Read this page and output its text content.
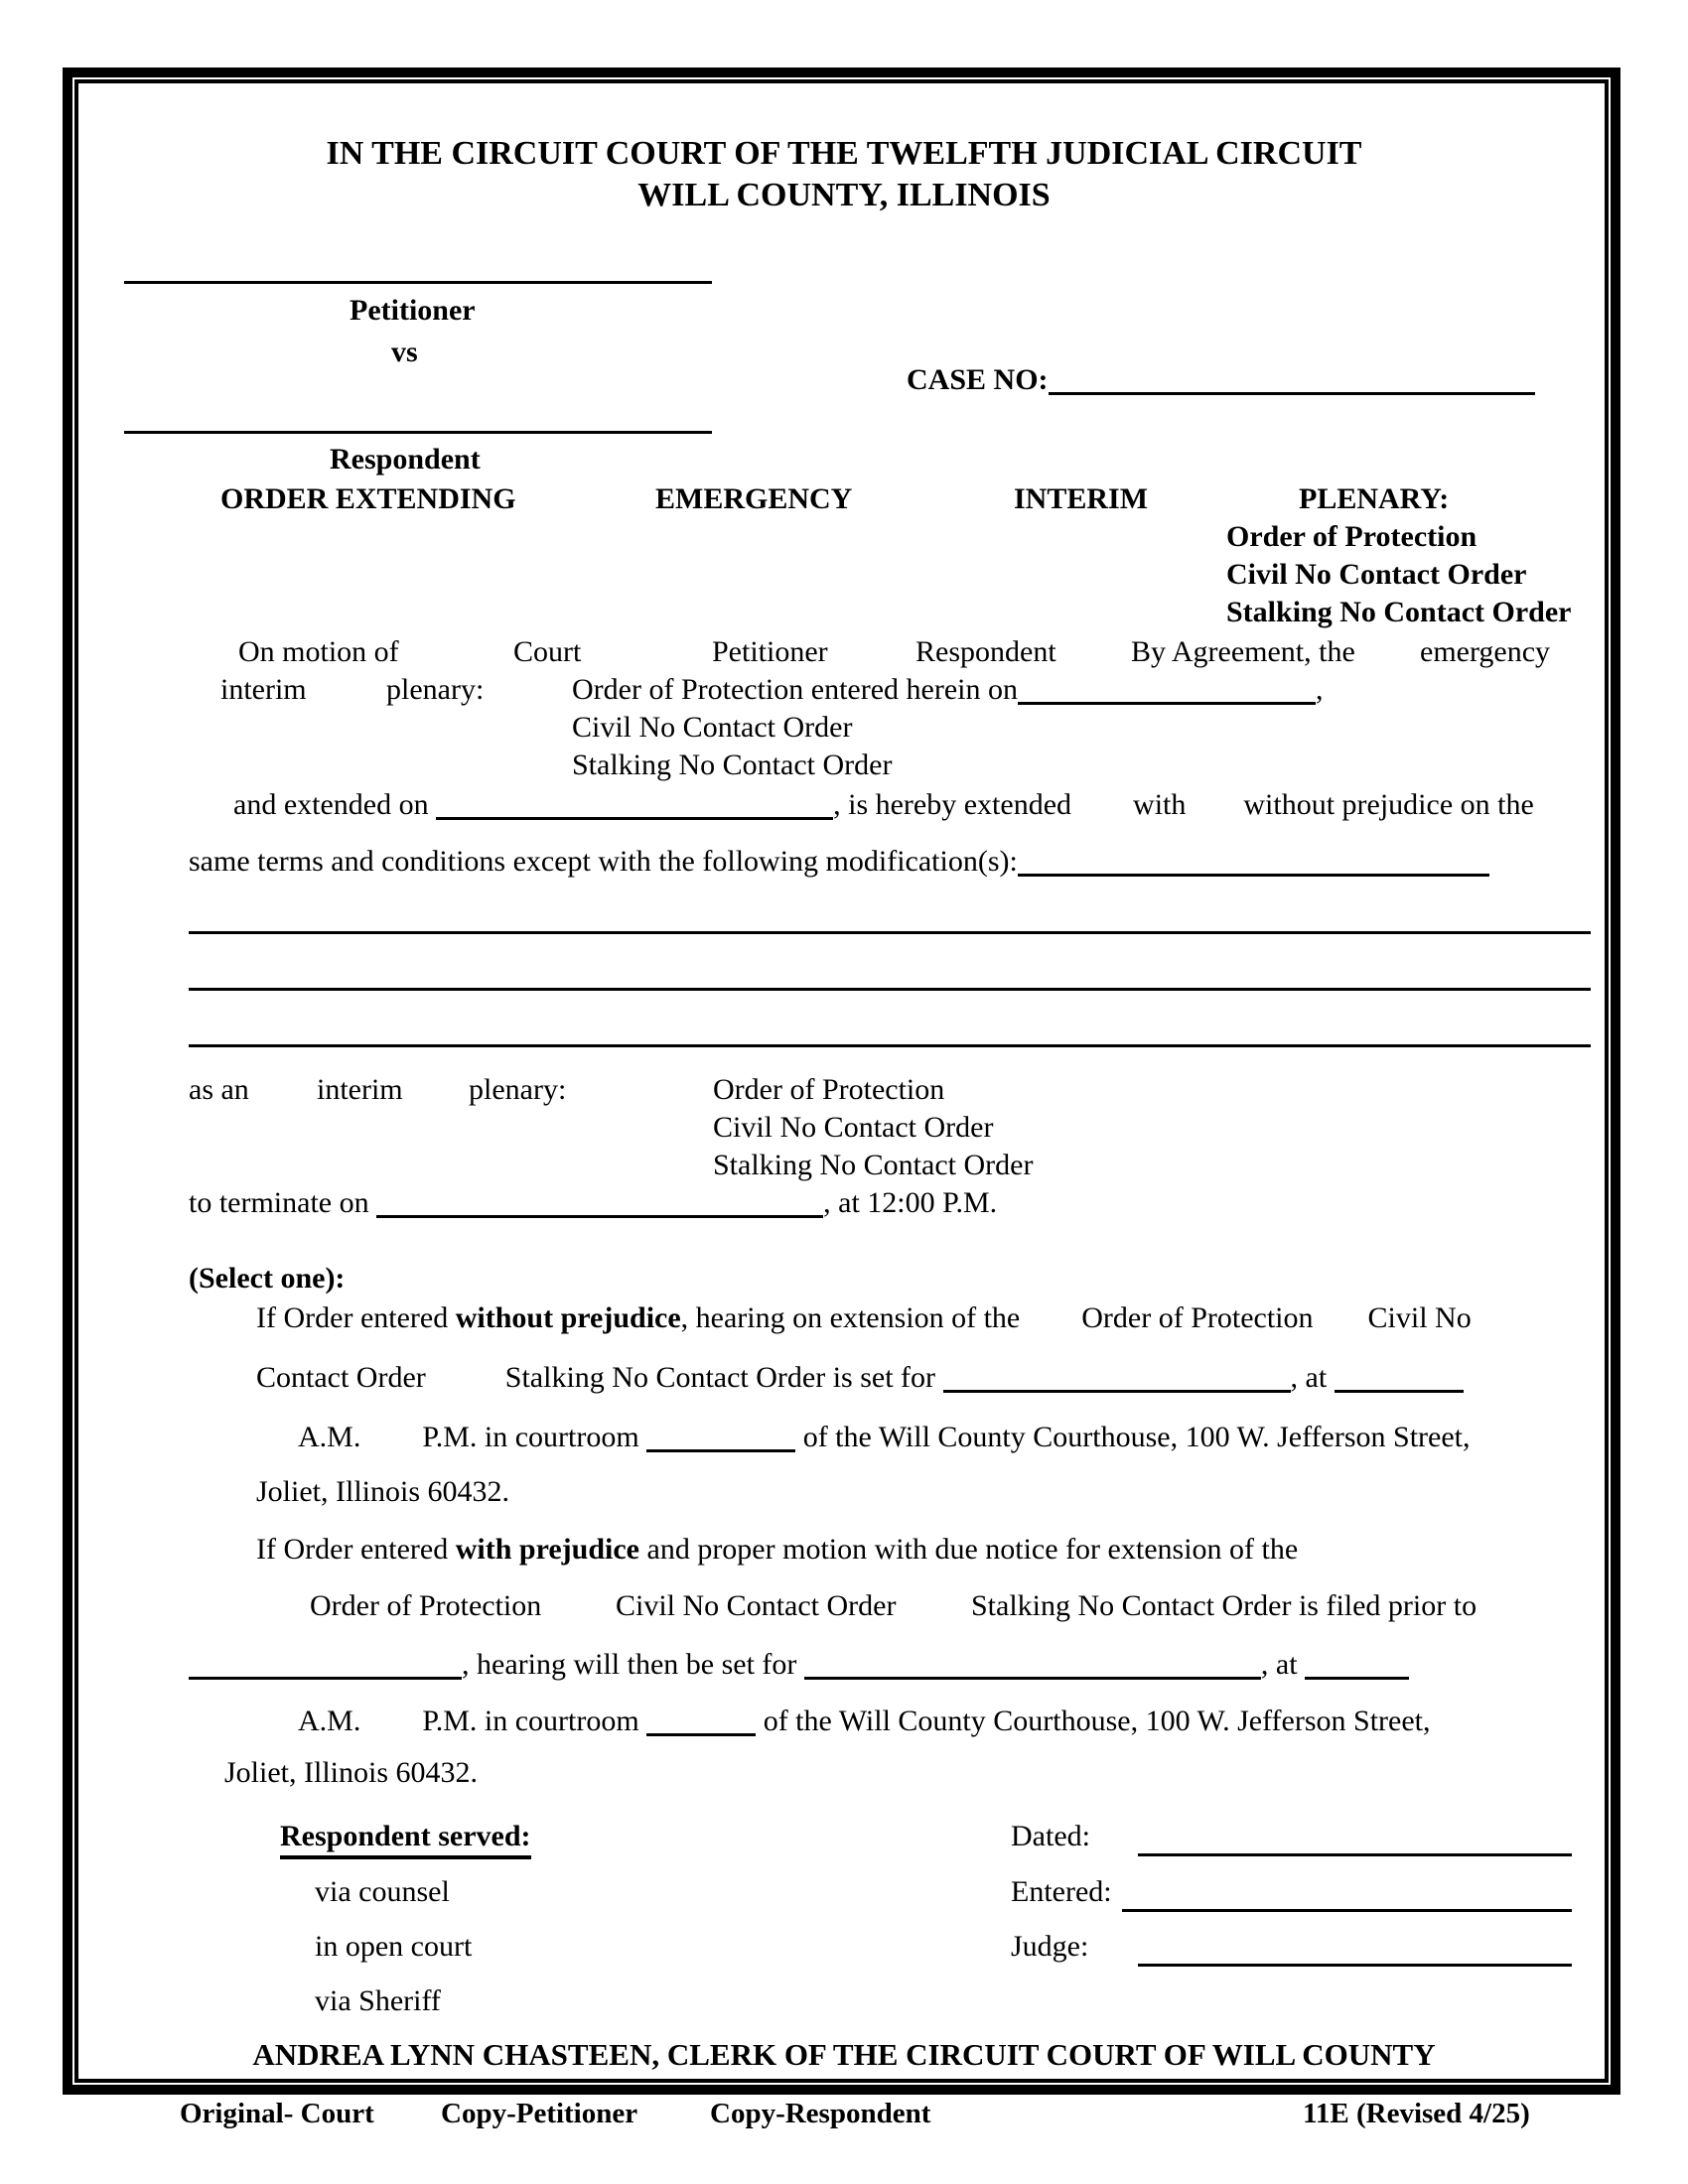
IN THE CIRCUIT COURT OF THE TWELFTH JUDICIAL CIRCUIT
WILL COUNTY, ILLINOIS
Petitioner
vs
CASE NO:
Respondent
ORDER EXTENDING	EMERGENCY	INTERIM	PLENARY:
Order of Protection
Civil No Contact Order
Stalking No Contact Order
On motion of	Court	Petitioner	Respondent	By Agreement, the emergency
interim	plenary:	Order of Protection entered herein on	,
Civil No Contact Order
Stalking No Contact Order
and extended on	, is hereby extended with without prejudice on the
same terms and conditions except with the following modification(s):
as an interim plenary:	Order of Protection
Civil No Contact Order
Stalking No Contact Order
to terminate on	, at 12:00 P.M.
(Select one):
If Order entered without prejudice, hearing on extension of the Order of Protection Civil No
Contact Order	Stalking No Contact Order is set for	, at
A.M. P.M. in courtroom	of the Will County Courthouse, 100 W. Jefferson Street,
Joliet, Illinois 60432.
If Order entered with prejudice and proper motion with due notice for extension of the
Order of Protection Civil No Contact Order	Stalking No Contact Order is filed prior to
, hearing will then be set for	, at
A.M. P.M. in courtroom	of the Will County Courthouse, 100 W. Jefferson Street,
Joliet, Illinois 60432.
Respondent served:	Dated:
via counsel	Entered:
in open court	Judge:
via Sheriff
ANDREA LYNN CHASTEEN, CLERK OF THE CIRCUIT COURT OF WILL COUNTY
Original- Court Copy-Petitioner	Copy-Respondent	11E (Revised 4/25)
